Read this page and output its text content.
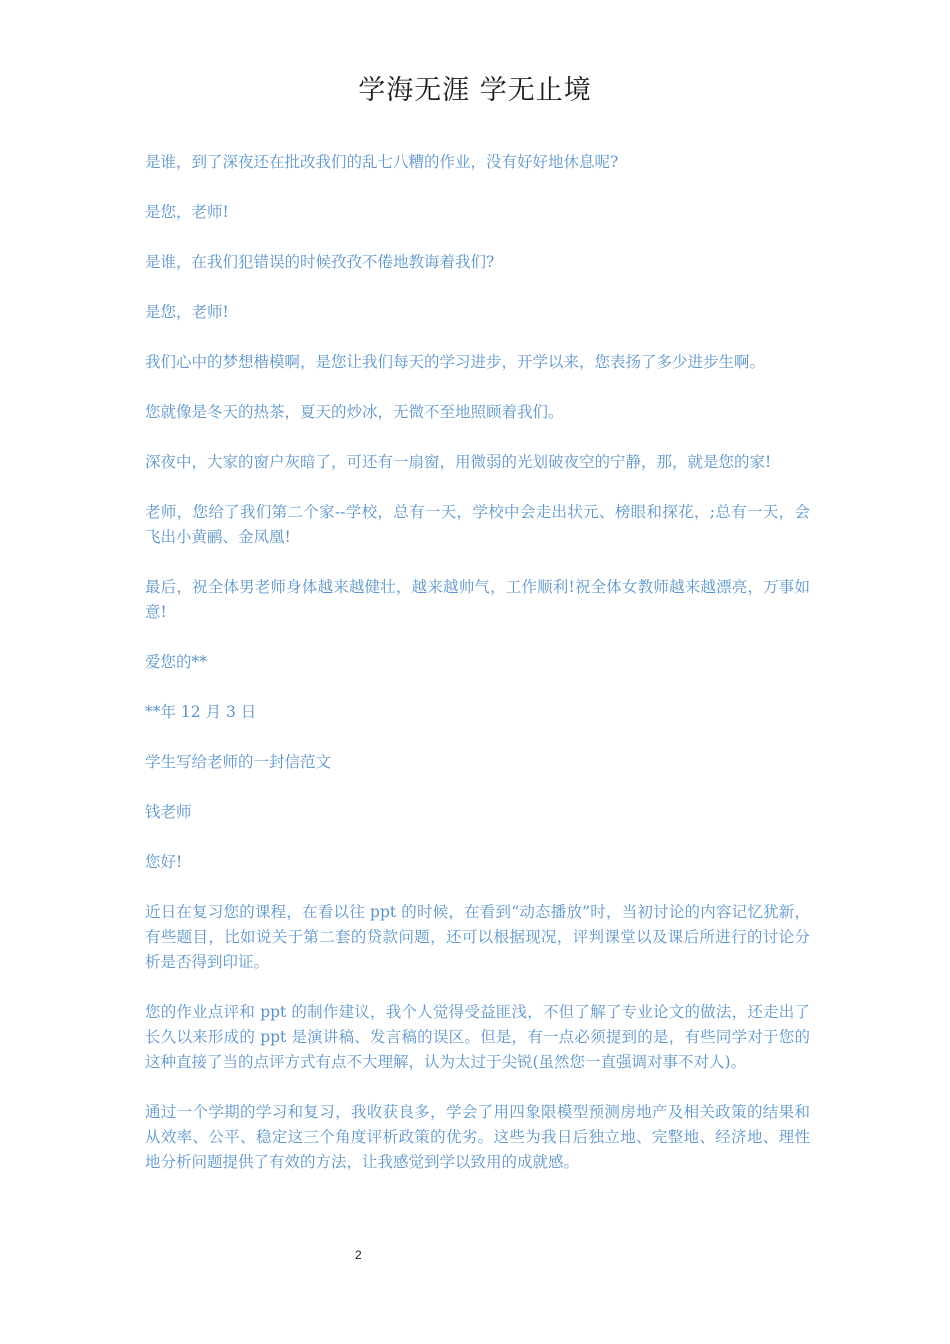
学海无涯 学无止境

是谁，到了深夜还在批改我们的乱七八糟的作业，没有好好地休息呢?

是您，老师!

是谁，在我们犯错误的时候孜孜不倦地教诲着我们?

是您，老师!

我们心中的梦想楷模啊，是您让我们每天的学习进步，开学以来，您表扬了多少进步生啊。

您就像是冬天的热茶，夏天的炒冰，无微不至地照顾着我们。

深夜中，大家的窗户灰暗了，可还有一扇窗，用微弱的光划破夜空的宁静，那，就是您的家!

老师，您给了我们第二个家--学校，总有一天，学校中会走出状元、榜眼和探花，;总有一天，会飞出小黄鹂、金凤凰!

最后，祝全体男老师身体越来越健壮，越来越帅气，工作顺利!祝全体女教师越来越漂亮，万事如意!

爱您的**

**年 12 月 3 日

学生写给老师的一封信范文

钱老师

您好!

近日在复习您的课程，在看以往 ppt 的时候，在看到“动态播放”时，当初讨论的内容记忆犹新，有些题目，比如说关于第二套的贷款问题，还可以根据现况，评判课堂以及课后所进行的讨论分析是否得到印证。

您的作业点评和 ppt 的制作建议，我个人觉得受益匪浅，不但了解了专业论文的做法，还走出了长久以来形成的 ppt 是演讲稿、发言稿的误区。但是，有一点必须提到的是，有些同学对于您的这种直接了当的点评方式有点不大理解，认为太过于尖锐(虽然您一直强调对事不对人)。

通过一个学期的学习和复习，我收获良多，学会了用四象限模型预测房地产及相关政策的结果和从效率、公平、稳定这三个角度评析政策的优劣。这些为我日后独立地、完整地、经济地、理性地分析问题提供了有效的方法，让我感觉到学以致用的成就感。

2
